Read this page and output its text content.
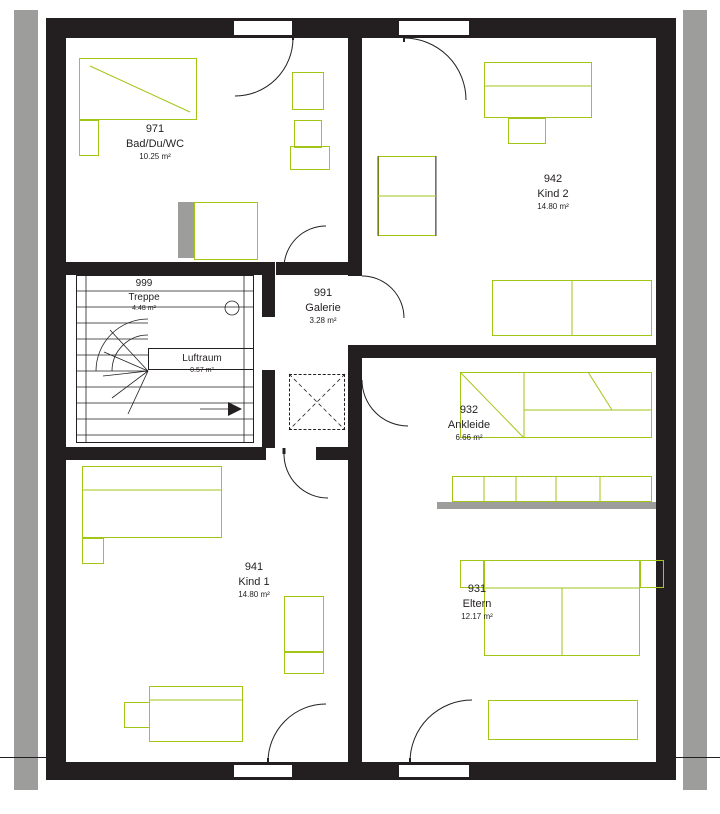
971
Bad/Du/WC
10.25 m²
942
Kind 2
14.80 m²
999
Treppe
4.48 m²
991
Galerie
3.28 m²
Luftraum
0.57 m²
932
Ankleide
6.66 m²
941
Kind 1
14.80 m²	931
Eltern
12.17 m²
